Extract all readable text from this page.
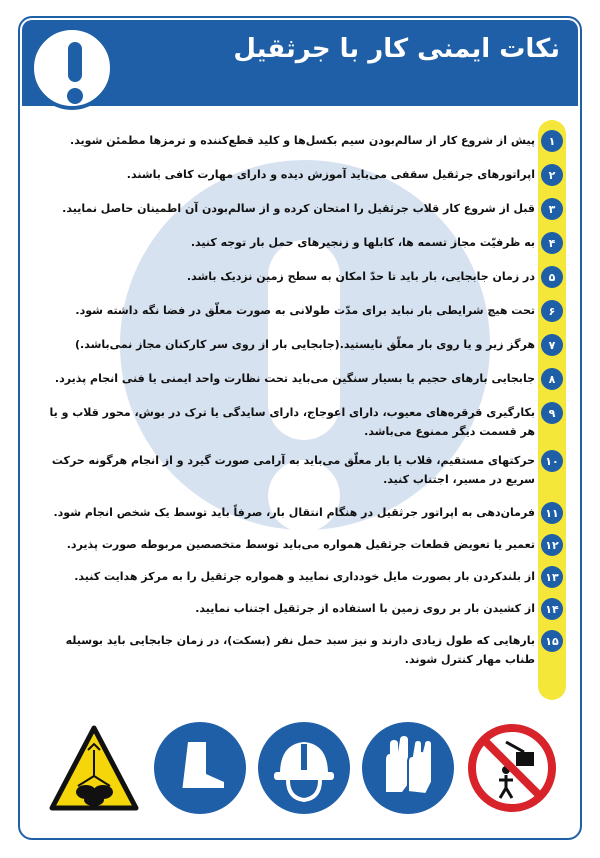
نکات ایمنی کار با جرثقیل
۱
پیش از شروع کار از سالم‌بودن سیم بکسل‌ها و کلید قطع‌کننده و ترمزها مطمئن شوید.
۲
اپراتورهای جرثقیل سقفی می‌باید آموزش دیده و دارای مهارت کافی باشند.
۳
قبل از شروع کار قلاب جرثقیل را امتحان کرده و از سالم‌بودن آن اطمینان حاصل نمایید.
۴
به ظرفیّت مجاز تسمه ها، کابلها و زنجیرهای حمل بار توجه کنید.
۵
در زمان جابجایی، بار باید تا حدّ امکان به سطح زمین نزدیک باشد.
۶
تحت هیچ شرایطی بار نباید برای مدّت طولانی به صورت معلّق در فضا نگه داشته شود.
۷
هرگز زیر و یا روی بار معلّق نایستید.(جابجایی بار از روی سر کارکنان مجاز نمی‌باشد.)
۸
جابجایی بارهای حجیم یا بسیار سنگین می‌باید تحت نظارت واحد ایمنی یا فنی انجام پذیرد.
۹
بکارگیری قرقره‌های معیوب، دارای اعوجاج، دارای سایدگی یا ترک در بوش، محور قلاب و یا هر قسمت دیگر ممنوع می‌باشد.
۱۰
حرکتهای مستقیم، قلاب یا بار معلّق می‌باید به آرامی صورت گیرد و از انجام هرگونه حرکت سریع در مسیر، اجتناب کنید.
۱۱
فرمان‌دهی به اپراتور جرثقیل در هنگام انتقال بار، صرفاً باید توسط یک شخص انجام شود.
۱۲
تعمیر یا تعویض قطعات جرثقیل همواره می‌باید توسط متخصصین مربوطه صورت پذیرد.
۱۳
از بلندکردن بار بصورت مایل خودداری نمایید و همواره جرثقیل را به مرکز هدایت کنید.
۱۴
از کشیدن بار بر روی زمین با استفاده از جرثقیل اجتناب نمایید.
۱۵
بارهایی که طول زیادی دارند و نیز سبد حمل نفر (بسکت)، در زمان جابجایی باید بوسیله طناب مهار کنترل شوند.
